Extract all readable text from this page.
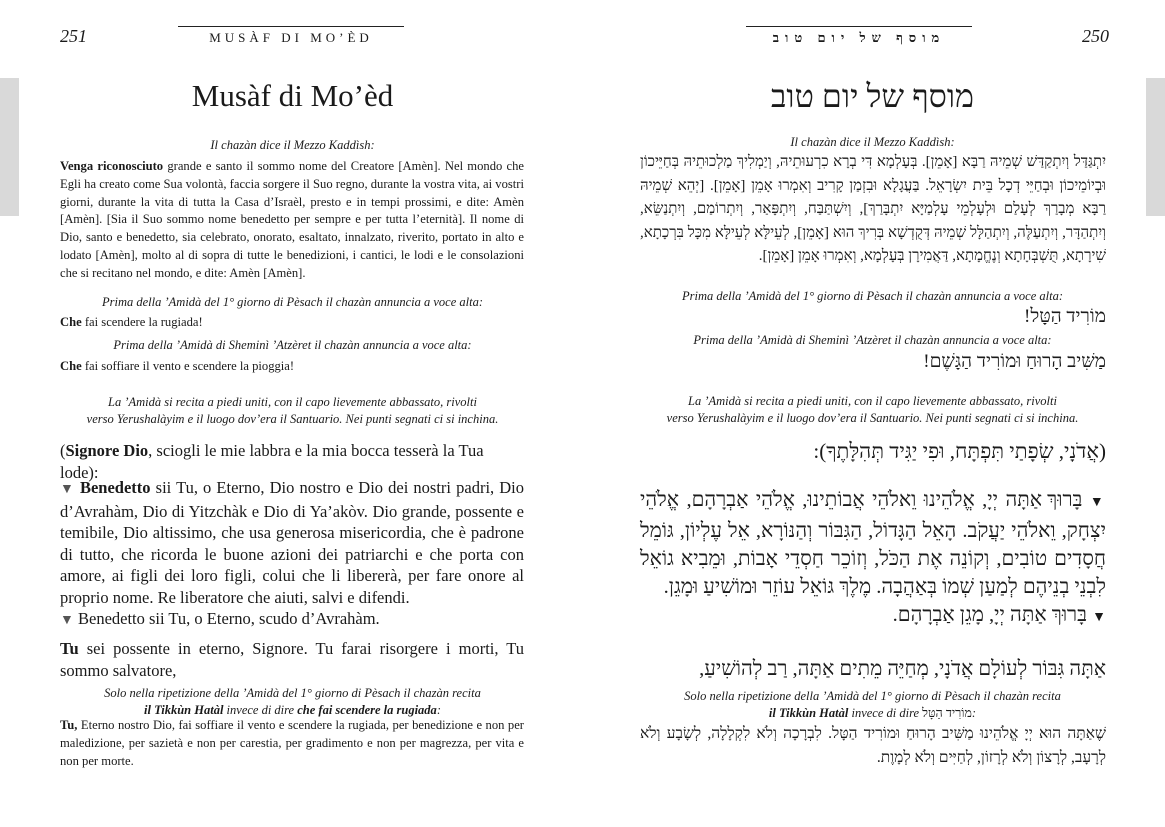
251	MUSÀF DI MO’ÈD
Musàf di Mo’èd
Il chazàn dice il Mezzo Kaddìsh:
Venga riconosciuto grande e santo il sommo nome del Creatore [Amèn]. Nel mondo che Egli ha creato come Sua volontà, faccia sorgere il Suo regno, durante la vostra vita, ai vostri giorni, durante la vita di tutta la Casa d’Israèl, presto e in tempi prossimi, e dite: Amèn [Amèn]. [Sia il Suo sommo nome benedetto per sempre e per tutta l’eternità]. Il nome di Dio, santo e benedetto, sia celebrato, onorato, esaltato, innalzato, riverito, portato in alto e lodato [Amèn], molto al di sopra di tutte le benedizioni, i cantici, le lodi e le consolazioni che si recitano nel mondo, e dite: Amèn [Amèn].
Prima della ’Amidà del 1° giorno di Pèsach il chazàn annuncia a voce alta:
Che fai scendere la rugiada!
Prima della ’Amidà di Sheminì ’Atzèret il chazàn annuncia a voce alta:
Che fai soffiare il vento e scendere la pioggia!
La ’Amidà si recita a piedi uniti, con il capo lievemente abbassato, rivolti
verso Yerushalàyim e il luogo dov’era il Santuario. Nei punti segnati ci si inchina.
(Signore Dio, sciogli le mie labbra e la mia bocca tesserà la Tua lode):
▼ Benedetto sii Tu, o Eterno, Dio nostro e Dio dei nostri padri, Dio d’Avrahàm, Dio di Yitzchàk e Dio di Ya’akòv. Dio grande, possente e temibile, Dio altissimo, che usa generosa misericordia, che è padrone di tutto, che ricorda le buone azioni dei patriarchi e che porta con amore, ai figli dei loro figli, colui che li libererà, per fare onore al proprio nome. Re liberatore che aiuti, salvi e difendi.
▼ Benedetto sii Tu, o Eterno, scudo d’Avrahàm.
Tu sei possente in eterno, Signore. Tu farai risorgere i morti, Tu sommo salvatore,
Solo nella ripetizione della ’Amidà del 1° giorno di Pèsach il chazàn recita
il Tikkùn Hatàl invece di dire che fai scendere la rugiada:
Tu, Eterno nostro Dio, fai soffiare il vento e scendere la rugiada, per benedizione e non per maledizione, per sazietà e non per carestia, per gradimento e non per magrezza, per vita e non per morte.
מוסף של יום טוב	250
מוסף של יום טוב
Il chazàn dice il Mezzo Kaddìsh:
יִתְגַּדַּל וְיִתְקַדַּשׁ שְׁמֵיהּ רַבָּא [אָמֵן]. בְּעָלְמָא דִּי בְרָא כִרְעוּתֵיהּ, וְיַמְלִיךְ מַלְכוּתֵיהּ בְּחַיֵּיכוֹן וּבְיוֹמֵיכוֹן וּבְחַיֵּי דְכָל בֵּית יִשְׂרָאֵל. בַּעֲגָלָא וּבִזְמַן קָרִיב וְאִמְרוּ אָמֵן [אָמֵן]. [יְהֵא שְׁמֵיהּ רַבָּא מְבָרַךְ לְעָלַם וּלְעָלְמֵי עָלְמַיָּא יִתְבָּרַךְ], וְיִשְׁתַּבַּח, וְיִתְפָּאַר, וְיִתְרוֹמַם, וְיִתְנַשֵּׂא, וְיִתְהַדָּר, וְיִתְעַלֶּה, וְיִתְהַלָּל שְׁמֵיהּ דְּקֻדְשָׁא בְּרִיךְ הוּא [אָמֵן], לְעֵילָּא לְעֵילָּא מִכָּל בִּרְכָתָא, שִׁירָתָא, תֻּשְׁבְּחָתָא וְנֶחֱמָתָא, דַּאֲמִירָן בְּעָלְמָא, וְאִמְרוּ אָמֵן [אָמֵן].
Prima della ’Amidà del 1° giorno di Pèsach il chazàn annuncia a voce alta:
מוֹרִיד הַטָּל!
Prima della ’Amidà di Sheminì ’Atzèret il chazàn annuncia a voce alta:
מַשִּׁיב הָרוּחַ וּמוֹרִיד הַגָּשֶׁם!
La ’Amidà si recita a piedi uniti, con il capo lievemente abbassato, rivolti
verso Yerushalàyim e il luogo dov’era il Santuario. Nei punti segnati ci si inchina.
(אֲדֹנָי, שְׂפָתַי תִּפְתָּח, וּפִי יַגִּיד תְּהִלָּתֶךָ):
▼ בָּרוּךְ אַתָּה יְיָ, אֱלֹהֵינוּ וֵאלֹהֵי אֲבוֹתֵינוּ, אֱלֹהֵי אַבְרָהָם, אֱלֹהֵי יִצְחָק, וֵאלֹהֵי יַעֲקֹב. הָאֵל הַגָּדוֹל, הַגִּבּוֹר וְהַנּוֹרָא, אֵל עֶלְיוֹן, גּוֹמֵל חֲסָדִים טוֹבִים, וְקוֹנֵה אֶת הַכֹּל, וְזוֹכֵר חַסְדֵי אָבוֹת, וּמֵבִיא גוֹאֵל לִבְנֵי בְנֵיהֶם לְמַעַן שְׁמוֹ בְּאַהֲבָה. מֶלֶךְ גּוֹאֵל עוֹזֵר וּמוֹשִׁיעַ וּמָגֵן.
▼ בָּרוּךְ אַתָּה יְיָ, מָגֵן אַבְרָהָם.
אַתָּה גִּבּוֹר לְעוֹלָם אֲדֹנָי, מְחַיֵּה מֵתִים אַתָּה, רַב לְהוֹשִׁיעַ,
Solo nella ripetizione della ’Amidà del 1° giorno di Pèsach il chazàn recita
il Tikkùn Hatàl invece di dire מוֹרִיד הַטָּל:
שֶׁאַתָּה הוּא יְיָ אֱלֹהֵינוּ מַשִּׁיב הָרוּחַ וּמוֹרִיד הַטָּל. לִבְרָכָה וְלֹא לִקְלָלָה, לְשָׂבָע וְלֹא לְרָעָב, לְרָצוֹן וְלֹא לְרָזוֹן, לְחַיִּים וְלֹא לְמָוֶת.
